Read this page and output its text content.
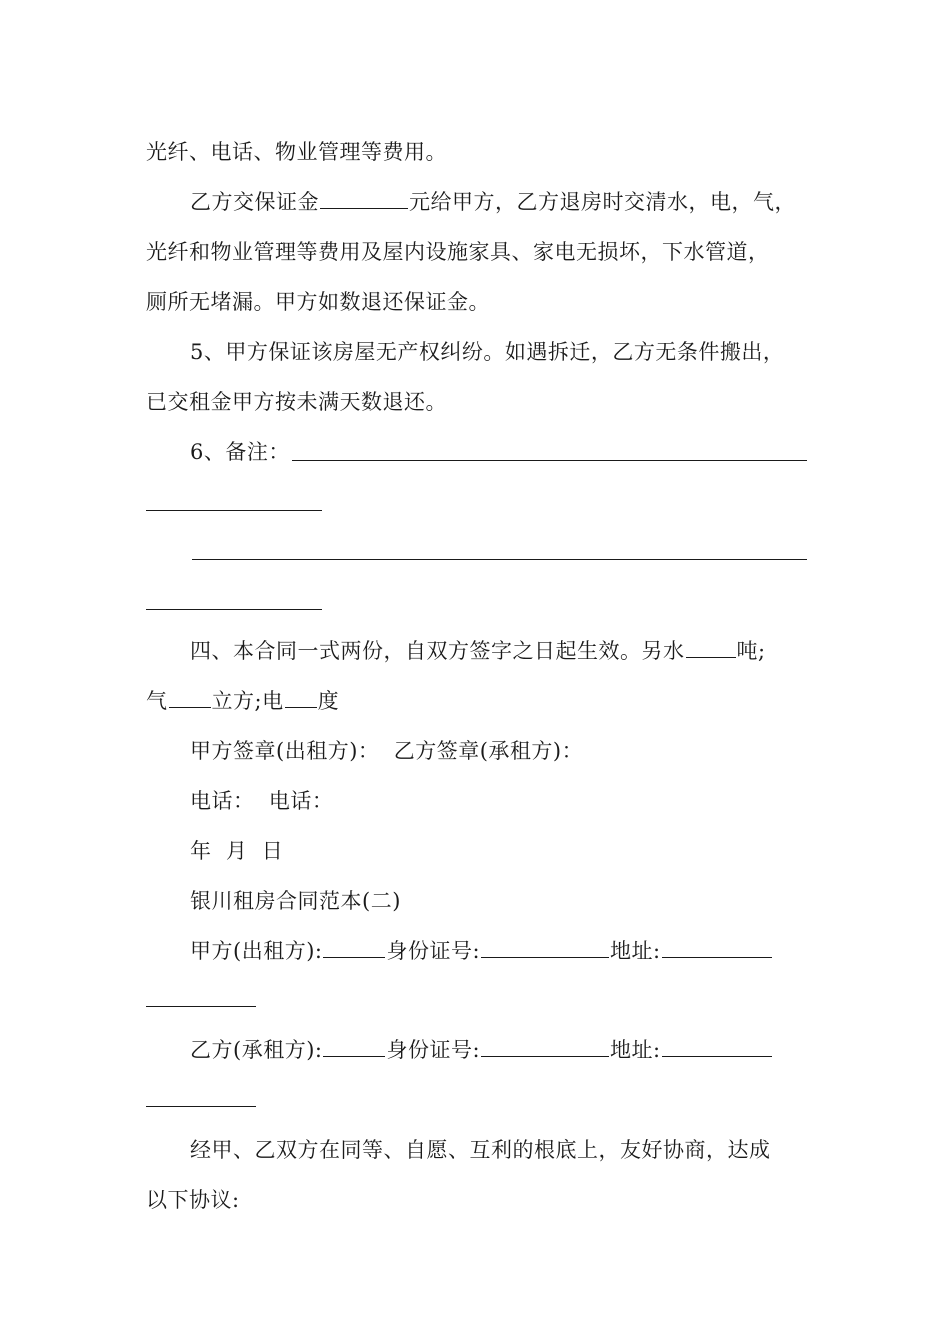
光纤、电话、物业管理等费用。
乙方交保证金	元给甲方，乙方退房时交清水，电，气，
光纤和物业管理等费用及屋内设施家具、家电无损坏，下水管道，
厕所无堵漏。甲方如数退还保证金。
5、甲方保证该房屋无产权纠纷。如遇拆迁，乙方无条件搬出，
已交租金甲方按未满天数退还。
6、备注：
四、本合同一式两份，自双方签字之日起生效。另水 吨;
气 立方;电 度
甲方签章(出租方)：  乙方签章(承租方)：
电话：  电话：
年  月  日
银川租房合同范本(二)
甲方(出租方):	身份证号:	地址:
乙方(承租方):	身份证号:	地址:
经甲、乙双方在同等、自愿、互利的根底上，友好协商，达成
以下协议:
